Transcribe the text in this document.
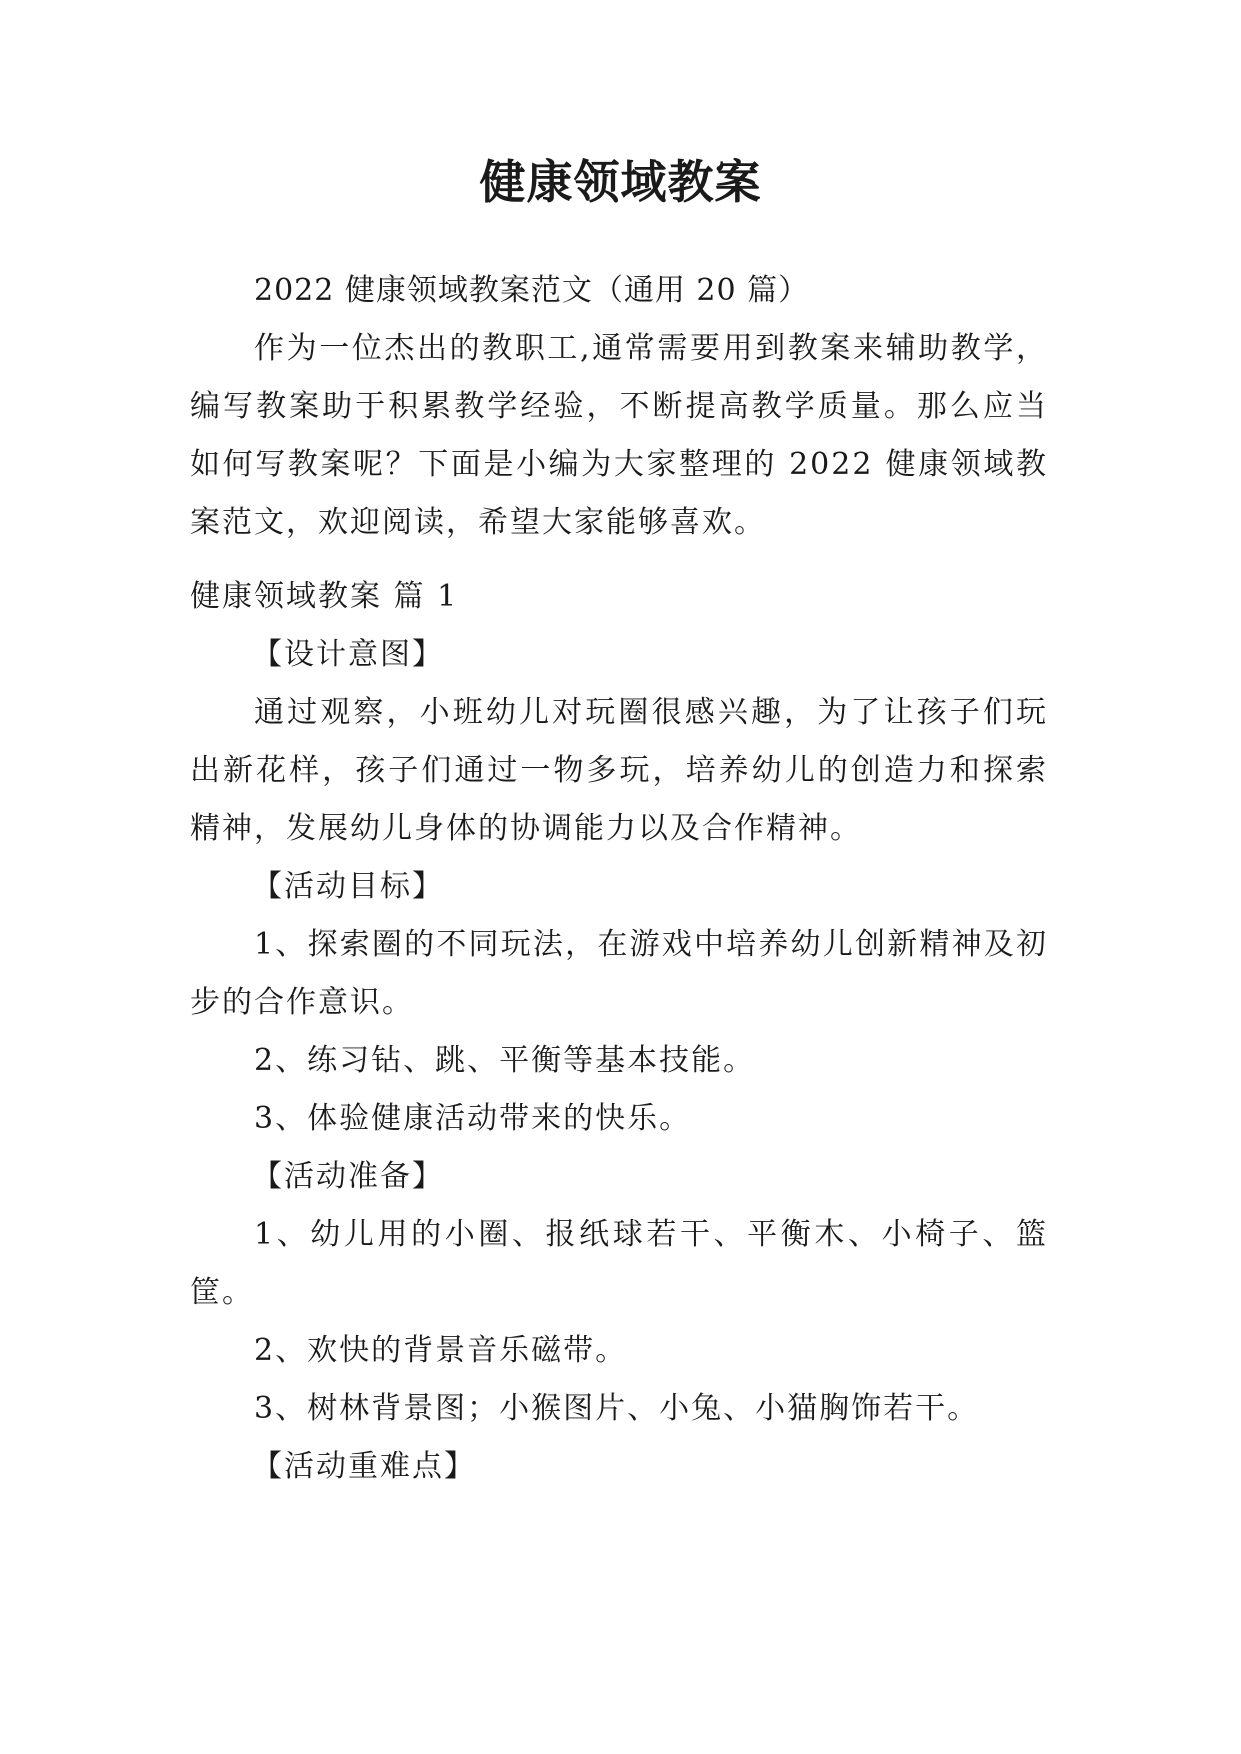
健康领域教案

2022 健康领域教案范文（通用 20 篇）

作为一位杰出的教职工,通常需要用到教案来辅助教学，编写教案助于积累教学经验，不断提高教学质量。那么应当如何写教案呢？下面是小编为大家整理的 2022 健康领域教案范文，欢迎阅读，希望大家能够喜欢。

健康领域教案 篇 1

【设计意图】

通过观察，小班幼儿对玩圈很感兴趣，为了让孩子们玩出新花样，孩子们通过一物多玩，培养幼儿的创造力和探索精神，发展幼儿身体的协调能力以及合作精神。

【活动目标】

1、探索圈的不同玩法，在游戏中培养幼儿创新精神及初步的合作意识。

2、练习钻、跳、平衡等基本技能。

3、体验健康活动带来的快乐。

【活动准备】

1、幼儿用的小圈、报纸球若干、平衡木、小椅子、篮筐。

2、欢快的背景音乐磁带。

3、树林背景图；小猴图片、小兔、小猫胸饰若干。

【活动重难点】
